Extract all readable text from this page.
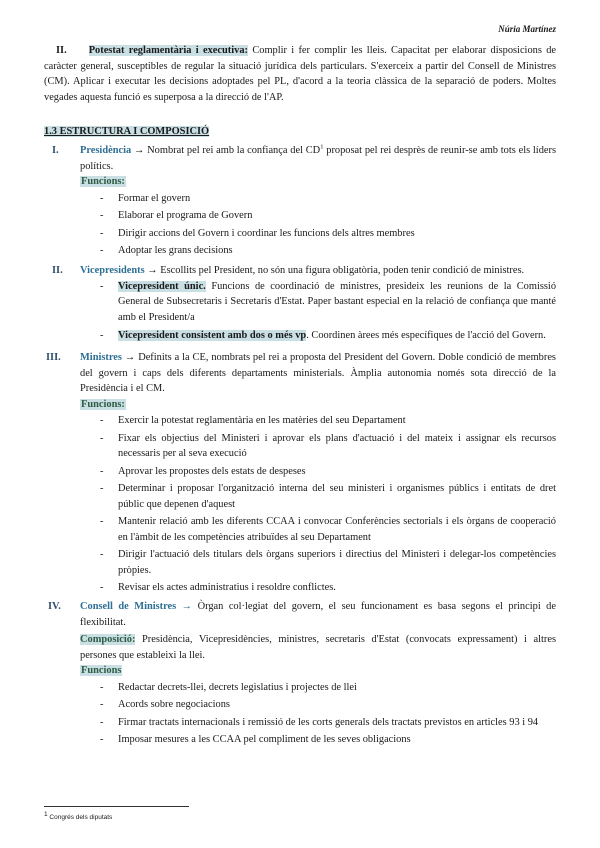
Núria Martínez
II. Potestat reglamentària i executiva: Complir i fer complir les lleis. Capacitat per elaborar disposicions de caràcter general, susceptibles de regular la situació jurídica dels particulars. S'exerceix a partir del Consell de Ministres (CM). Aplicar i executar les decisions adoptades pel PL, d'acord a la teoria clàssica de la separació de poders. Moltes vegades aquesta funció es superposa a la direcció de l'AP.
1.3 ESTRUCTURA I COMPOSICIÓ
I. Presidència → Nombrat pel rei amb la confiança del $CD^1$ proposat pel rei desprès de reunir-se amb tots els líders polítics.

Funcions:

- Formar el govern
- Elaborar el programa de Govern
- Dirigir accions del Govern i coordinar les funcions dels altres membres
- Adoptar les grans decisions
II. Vicepresidents → Escollits pel President, no són una figura obligatòria, poden tenir condició de ministres.

- Vicepresident únic. Funcions de coordinació de ministres, presideix les reunions de la Comissió General de Subsecretaris i Secretaris d'Estat. Paper bastant especial en la relació de confiança que manté amb el President/a
- Vicepresident consistent amb dos o més vp. Coordinen àrees més específiques de l'acció del Govern.
III. Ministres → Definits a la CE, nombrats pel rei a proposta del President del Govern. Doble condició de membres del govern i caps dels diferents departaments ministerials. Àmplia autonomia només sota direcció de la Presidència i el CM.

Funcions:

- Exercir la potestat reglamentària en les matèries del seu Departament
- Fixar els objectius del Ministeri i aprovar els plans d'actuació i del mateix i assignar els recursos necessaris per al seva execució
- Aprovar les propostes dels estats de despeses
- Determinar i proposar l'organització interna del seu ministeri i organismes públics i entitats de dret públic que depenen d'aquest
- Mantenir relació amb les diferents CCAA i convocar Conferències sectorials i els òrgans de cooperació en l'àmbit de les competències atribuïdes al seu Departament
- Dirigir l'actuació dels titulars dels òrgans superiors i directius del Ministeri i delegar-los competències pròpies.
- Revisar els actes administratius i resoldre conflictes.
IV. Consell de Ministres → Òrgan col·legiat del govern, el seu funcionament es basa segons el principi de flexibilitat.

Composició: Presidència, Vicepresidències, ministres, secretaris d'Estat (convocats expressament) i altres persones que estableixi la llei.

Funcions

- Redactar decrets-llei, decrets legislatius i projectes de llei
- Acords sobre negociacions
- Firmar tractats internacionals i remissió de les corts generals dels tractats previstos en articles 93 i 94
- Imposar mesures a les CCAA pel compliment de les seves obligacions
$^1$ Congrés dels diputats
